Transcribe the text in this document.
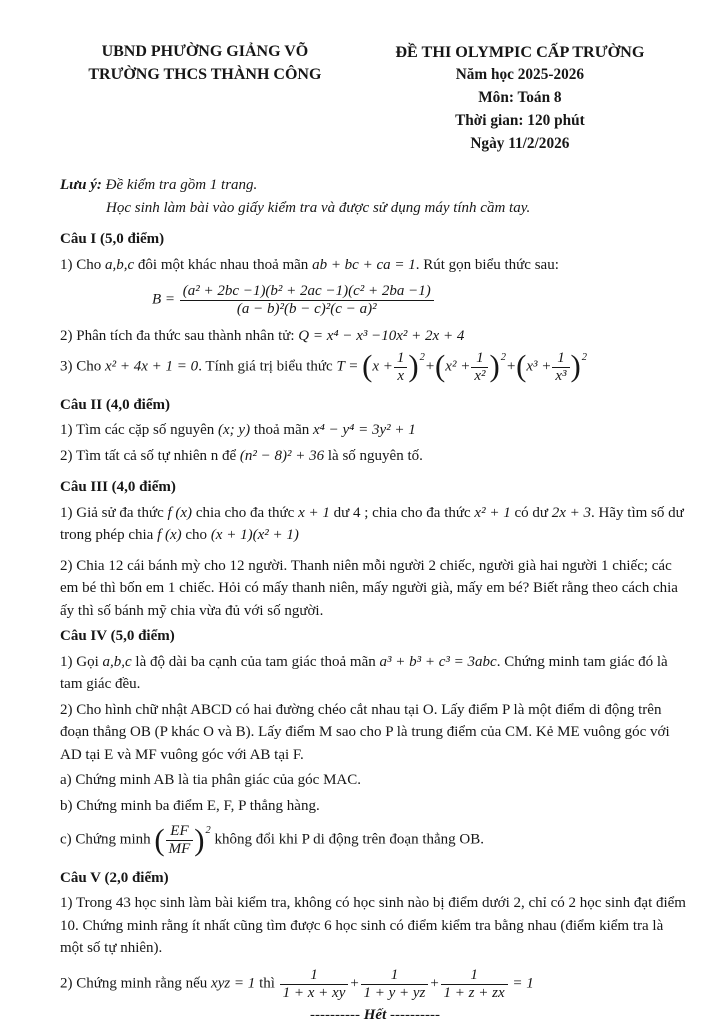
UBND PHƯỜNG GIẢNG VÕ
TRƯỜNG THCS THÀNH CÔNG
ĐỀ THI OLYMPIC CẤP TRƯỜNG
Năm học 2025-2026
Môn: Toán 8
Thời gian: 120 phút
Ngày 11/2/2026
Lưu ý: Đề kiểm tra gồm 1 trang.
Học sinh làm bài vào giấy kiểm tra và được sử dụng máy tính cầm tay.
Câu I (5,0 điểm)
1) Cho a,b,c đôi một khác nhau thoả mãn ab + bc + ca = 1. Rút gọn biểu thức sau:
$B = \frac{\text{(a² + 2bc −1)(b² + 2ac −1)(c² + 2ba −1)}}{\text{(a − b)²(b − c)²(c − a)²}}$
2) Phân tích đa thức sau thành nhân tử: Q = x⁴ − x³ −10x² + 2x + 4
3) Cho x² + 4x + 1 = 0. Tính giá trị biểu thức $T = (x + \frac{1}{x} )^2+(x^2 + \frac{1}{\text{x²}} )^2+(x^3 + \frac{1}{\text{x³}} )^2$
Câu II (4,0 điểm)
1) Tìm các cặp số nguyên (x; y) thoả mãn x⁴ − y⁴ = 3y² + 1
2) Tìm tất cả số tự nhiên n để (n² − 8)² + 36 là số nguyên tố.
Câu III (4,0 điểm)
1) Giả sử đa thức f (x) chia cho đa thức x + 1 dư 4 ; chia cho đa thức x² + 1 có dư 2x + 3. Hãy tìm số dư trong phép chia f (x) cho (x + 1)(x² + 1)
2) Chia 12 cái bánh mỳ cho 12 người. Thanh niên mỗi người 2 chiếc, người già hai người 1 chiếc; các em bé thì bốn em 1 chiếc. Hỏi có mấy thanh niên, mấy người già, mấy em bé? Biết rằng theo cách chia ấy thì số bánh mỹ chia vừa đủ với số người.
Câu IV (5,0 điểm)
1) Gọi a,b,c là độ dài ba cạnh của tam giác thoả mãn a³ + b³ + c³ = 3abc. Chứng minh tam giác đó là tam giác đều.
2) Cho hình chữ nhật ABCD có hai đường chéo cắt nhau tại O. Lấy điểm P là một điểm di động trên đoạn thẳng OB (P khác O và B). Lấy điểm M sao cho P là trung điểm của CM. Kẻ ME vuông góc với AD tại E và MF vuông góc với AB tại F.
a) Chứng minh AB là tia phân giác của góc MAC.
b) Chứng minh ba điểm E, F, P thẳng hàng.
c) Chứng minh ( $\frac{EF}{MF} )^2$ không đổi khi P di động trên đoạn thẳng OB.
Câu V (2,0 điểm)
1) Trong 43 học sinh làm bài kiểm tra, không có học sinh nào bị điểm dưới 2, chỉ có 2 học sinh đạt điểm 10. Chứng minh rằng ít nhất cũng tìm được 6 học sinh có điểm kiểm tra bằng nhau (điểm kiểm tra là một số tự nhiên).
2) Chứng minh rằng nếu xyz = 1 thì $\frac{1}{1 + x + xy} + \frac{1}{1 + y + yz} + \frac{1}{1 + z + zx} = 1$
---------- Hết ----------
